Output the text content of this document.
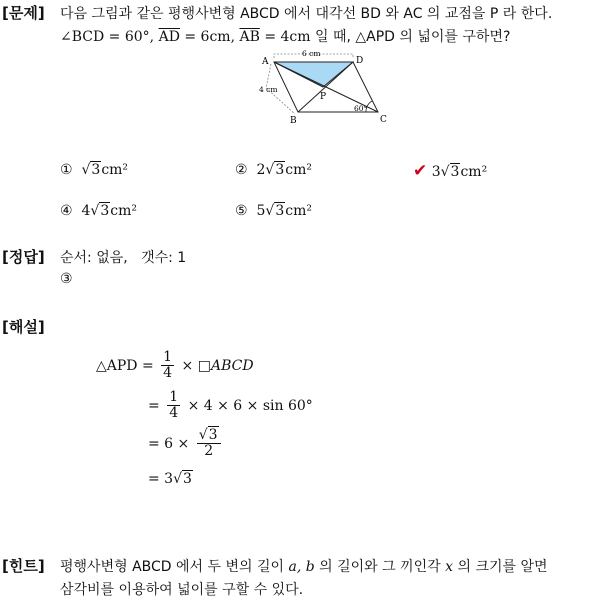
[문제] 다음 그림과 같은 평행사변형 ABCD 에서 대각선 BD 와 AC 의 교점을 P 라 한다.
∠BCD = 60°, $\overline{AD} = 6cm$, $\overline{AB} = 4cm$ 일 때, △APD 의 넓이를 구하면?
A	D
B	C
P
6 cm
4 cm
60°
① √3cm²	② 2√3cm²	✔ 3√3cm²
④ 4√3cm²	⑤ 5√3cm²
[정답] 순서: 없음, 갯수: 1
③
[해설]
△APD = $\frac{1}{4}$ × □ABCD
= $\frac{1}{4} \times 4 \times 6 \times \sin 60^\circ$
= $6 \times \frac{√3}{2}$
= 3√3
[힌트] 평행사변형 ABCD 에서 두 변의 길이 a, b 의 길이와 그 끼인각 x 의 크기를 알면
삼각비를 이용하여 넓이를 구할 수 있다.
